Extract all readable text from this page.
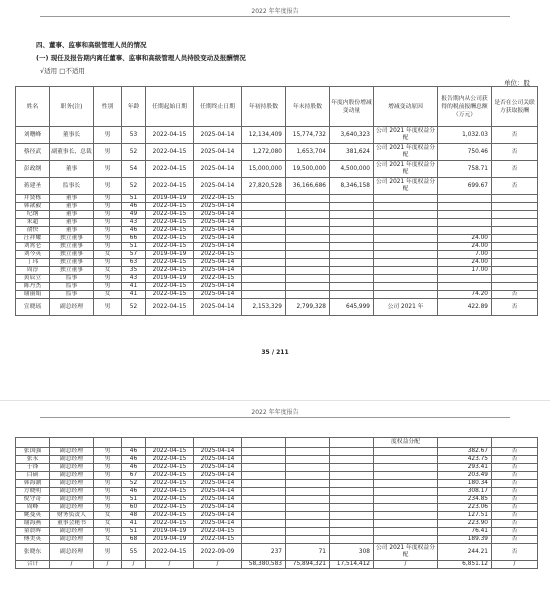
2022 年年度报告
四、董事、监事和高级管理人员的情况
(一) 现任及报告期内离任董事、监事和高级管理人员持股变动及报酬情况
√适用 □不适用
单位：股
姓名	职务(注)	性别	年龄	任期起始日期	任期终止日期	年初持股数	年末持股数	年度内股份增减变动量	增减变动原因	报告期内从公司获得的税前报酬总额（万元）	是否在公司关联方获取报酬
刘曙峰	董事长	男	53	2022-04-15	2025-04-14	12,134,409	15,774,732	3,640,323	公司 2021 年度权益分配	1,032.03	否
蔡径武	副董事长、总裁	男	52	2022-04-15	2025-04-14	1,272,080	1,653,704	381,624	公司 2021 年度权益分配	750.46	否
彭政纲	董事	男	54	2022-04-15	2025-04-14	15,000,000	19,500,000	4,500,000	公司 2021 年度权益分配	758.71	否
蒋建圣	监事长	男	52	2022-04-15	2025-04-14	27,820,528	36,166,686	8,346,158	公司 2021 年度权益分配	699.67	否
井贤栋	董事	男	51	2019-04-19	2022-04-15						
韩歆毅	董事	男	46	2022-04-15	2025-04-14						
纪纲	董事	男	49	2022-04-15	2025-04-14						
朱超	董事	男	43	2022-04-15	2025-04-14						
俞快	董事	男	46	2022-04-15	2025-04-14						
汪祥耀	独立董事	男	66	2022-04-15	2025-04-14					24.00	
刘霄仑	独立董事	男	51	2022-04-15	2025-04-14					24.00	
刘今英	独立董事	女	57	2019-04-19	2022-04-15					7.00	
丁玮	独立董事	男	63	2022-04-15	2025-04-14					24.00	
周淳	独立董事	女	35	2022-04-15	2025-04-14					17.00	
黄辰立	监事	男	43	2019-04-19	2022-04-15						
陈丹杰	监事	男	41	2022-04-15	2025-04-14						
谢丽娟	监事	女	41	2022-04-15	2025-04-14					74.20	否
宣晓瑶	副总经理	男	52	2022-04-15	2025-04-14	2,153,329	2,799,328	645,999	公司 2021 年	422.89	否
35 / 211
2022 年年度报告
									度权益分配		
张国强	副总经理	男	46	2022-04-15	2025-04-14					382.67	否
张永	副总经理	男	46	2022-04-15	2025-04-14					423.75	否
于锋	副总经理	男	46	2022-04-15	2025-04-14					293.41	否
白硕	副总经理	男	67	2022-04-15	2025-04-14					203.49	否
韩海潮	副总经理	男	52	2022-04-15	2025-04-14					180.34	否
方晓明	副总经理	男	46	2022-04-15	2025-04-14					308.17	否
倪守奇	副总经理	男	51	2022-04-15	2025-04-14					234.85	否
周峰	副总经理	男	60	2022-04-15	2025-04-14					223.06	否
姚曼英	财务负责人	女	48	2022-04-15	2025-04-14					127.51	否
谢海燕	董事会秘书	女	41	2022-04-15	2025-04-14					223.90	否
童晨晖	副总经理	男	51	2019-04-19	2022-04-15					76.41	否
傅美英	副总经理	女	68	2019-04-19	2022-04-15					189.39	否
张晓东	副总经理	男	55	2022-04-15	2022-09-09	237	71	308	公司 2021 年度权益分配	244.21	否
合计	/	/	/	/	/	58,380,583	75,894,321	17,514,412	/	6,851.12	/
